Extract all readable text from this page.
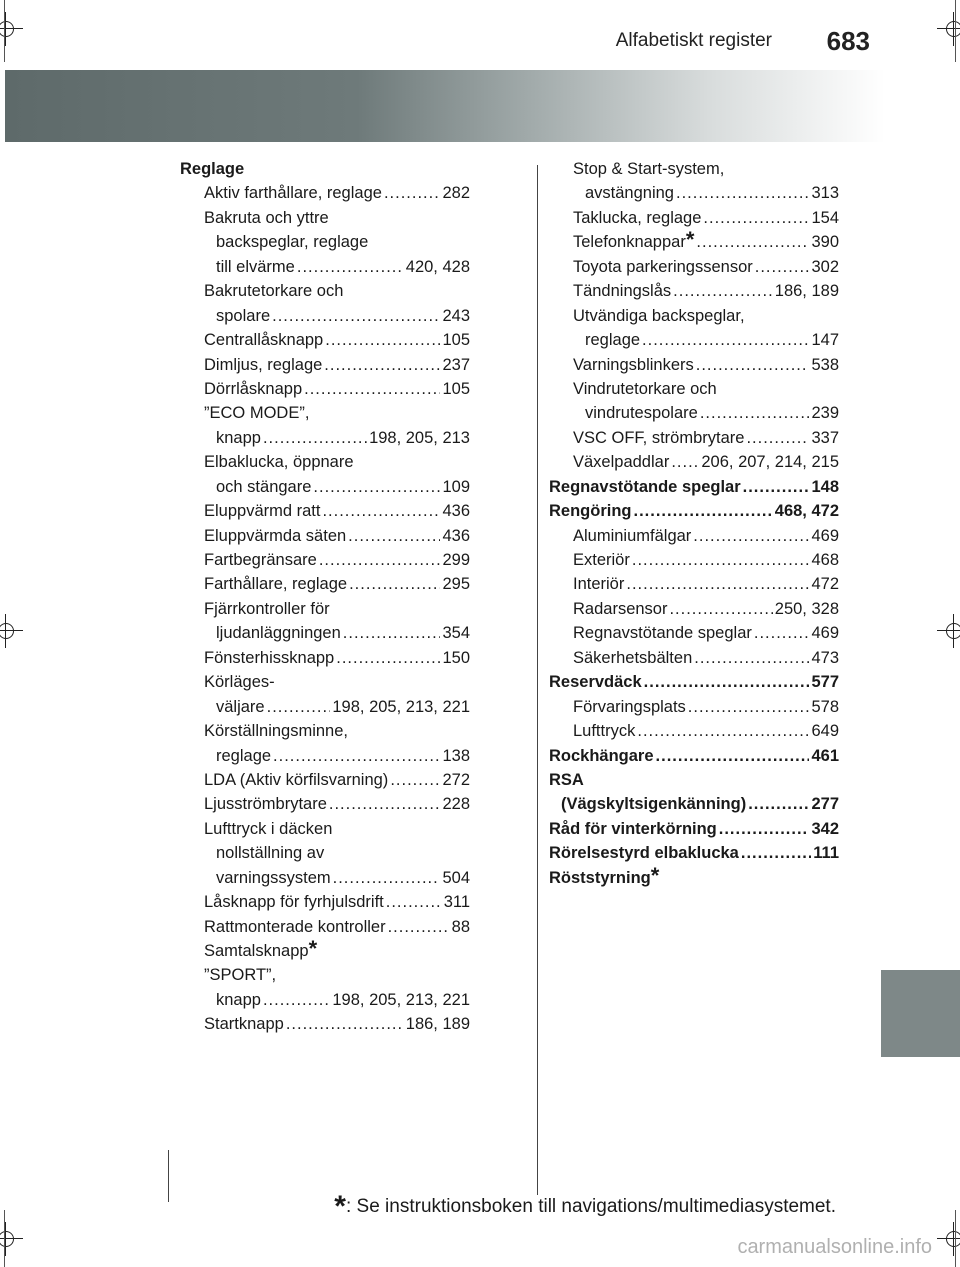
Alfabetiskt register 683
Reglage
Aktiv farthållare, reglage .....	282
Bakruta och yttre
backspeglar, reglage
till elvärme .....	420, 428
Bakrutetorkare och
spolare .....	243
Centrallåsknapp .....	105
Dimljus, reglage .....	237
Dörrlåsknapp .....	105
”ECO MODE”,
knapp .....	198, 205, 213
Elbaklucka, öppnare
och stängare .....	109
Eluppvärmd ratt .....	436
Eluppvärmda säten .....	436
Fartbegränsare .....	299
Farthållare, reglage .....	295
Fjärrkontroller för
ljudanläggningen .....	354
Fönsterhissknapp .....	150
Körläges-
väljare .....	198, 205, 213, 221
Körställningsminne,
reglage .....	138
LDA (Aktiv körfilsvarning) .....	272
Ljusströmbrytare .....	228
Lufttryck i däcken
nollställning av
varningssystem .....	504
Låsknapp för fyrhjulsdrift .....	311
Rattmonterade kontroller .....	88
Samtalsknapp *
”SPORT”,
knapp .....	198, 205, 213, 221
Startknapp .....	186, 189
Stop & Start-system,
avstängning .....	313
Taklucka, reglage .....	154
Telefonknappar * .....	390
Toyota parkeringssensor .....	302
Tändningslås .....	186, 189
Utvändiga backspeglar,
reglage .....	147
Varningsblinkers .....	538
Vindrutetorkare och
vindrutespolare .....	239
VSC OFF, strömbrytare .....	337
Växelpaddlar ..... 206, 207, 214, 215
Regnavstötande speglar .....	148
Rengöring .....	468, 472
Aluminiumfälgar .....	469
Exteriör .....	468
Interiör .....	472
Radarsensor .....	250, 328
Regnavstötande speglar .....	469
Säkerhetsbälten .....	473
Reservdäck .....	577
Förvaringsplats .....	578
Lufttryck .....	649
Rockhängare .....	461
RSA
(Vägskyltsigenkänning) .....	277
Råd för vinterkörning .....	342
Rörelsestyrd elbaklucka .....	111
Röststyrning *
*: Se instruktionsboken till navigations/multimediasystemet.
carmanualsonline.info
